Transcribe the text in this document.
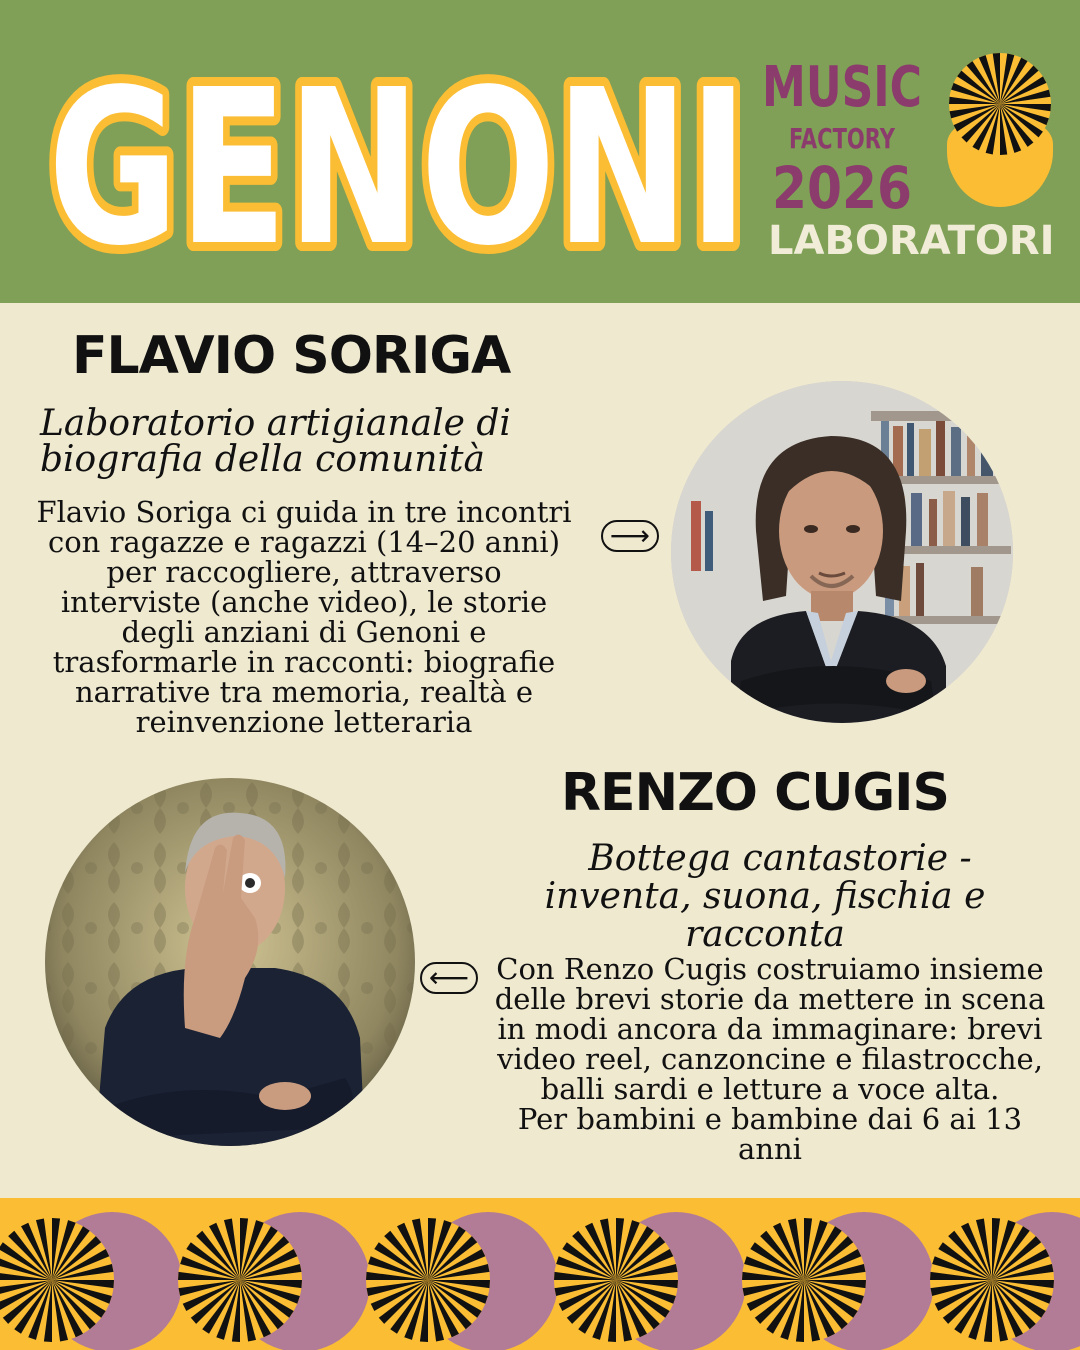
GENONI MUSIC
FACTORY
2026
LABORATORI
FLAVIO SORIGA
Laboratorio artigianale di
biografia della comunità
Flavio Soriga ci guida in tre incontri
con ragazze e ragazzi (14–20 anni)
per raccogliere, attraverso
interviste (anche video), le storie
degli anziani di Genoni e
trasformarle in racconti: biografie
narrative tra memoria, realtà e
reinvenzione letteraria
⟶
RENZO CUGIS
Bottega cantastorie -
inventa, suona, fischia e
racconta
⟵ Con Renzo Cugis costruiamo insieme
delle brevi storie da mettere in scena
in modi ancora da immaginare: brevi
video reel, canzoncine e filastrocche,
balli sardi e letture a voce alta.
Per bambini e bambine dai 6 ai 13
anni
